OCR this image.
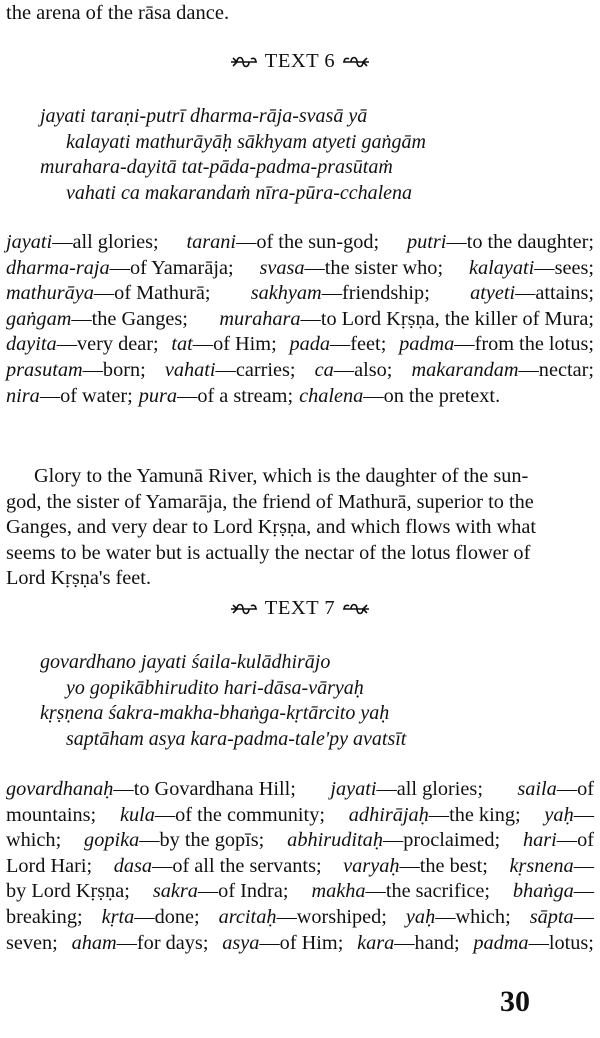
the arena of the rāsa dance.
TEXT 6
jayati taraṇi-putrī dharma-rāja-svasā yā
kalayati mathurāyāḥ sākhyam atyeti gaṅgām
murahara-dayitā tat-pāda-padma-prasūtaṁ
vahati ca makarandaṁ nīra-pūra-cchalena
jayati—all glories; tarani—of the sun-god; putri—to the daughter;
dharma-raja—of Yamarāja; svasa—the sister who; kalayati—sees;
mathurāya—of Mathurā; sakhyam—friendship; atyeti—attains;
gaṅgam—the Ganges; murahara—to Lord Kṛṣṇa, the killer of Mura;
dayita—very dear; tat—of Him; pada—feet; padma—from the lotus;
prasutam—born; vahati—carries; ca—also; makarandam—nectar;
nira—of water; pura—of a stream; chalena—on the pretext.
Glory to the Yamunā River, which is the daughter of the sun-
god, the sister of Yamarāja, the friend of Mathurā, superior to the
Ganges, and very dear to Lord Kṛṣṇa, and which flows with what
seems to be water but is actually the nectar of the lotus flower of
Lord Kṛṣṇa's feet.
TEXT 7
govardhano jayati śaila-kulādhirājo
yo gopikābhirudito hari-dāsa-vāryaḥ
kṛṣṇena śakra-makha-bhaṅga-kṛtārcito yaḥ
saptāham asya kara-padma-tale'py avatsīt
govardhanaḥ—to Govardhana Hill; jayati—all glories; saila—of
mountains; kula—of the community; adhirājaḥ—the king; yaḥ—
which; gopika—by the gopīs; abhiruditaḥ—proclaimed; hari—of
Lord Hari; dasa—of all the servants; varyaḥ—the best; kṛsnena—
by Lord Kṛṣṇa; sakra—of Indra; makha—the sacrifice; bhaṅga—
breaking; kṛta—done; arcitaḥ—worshiped; yaḥ—which; sāpta—
seven; aham—for days; asya—of Him; kara—hand; padma—lotus;
30
